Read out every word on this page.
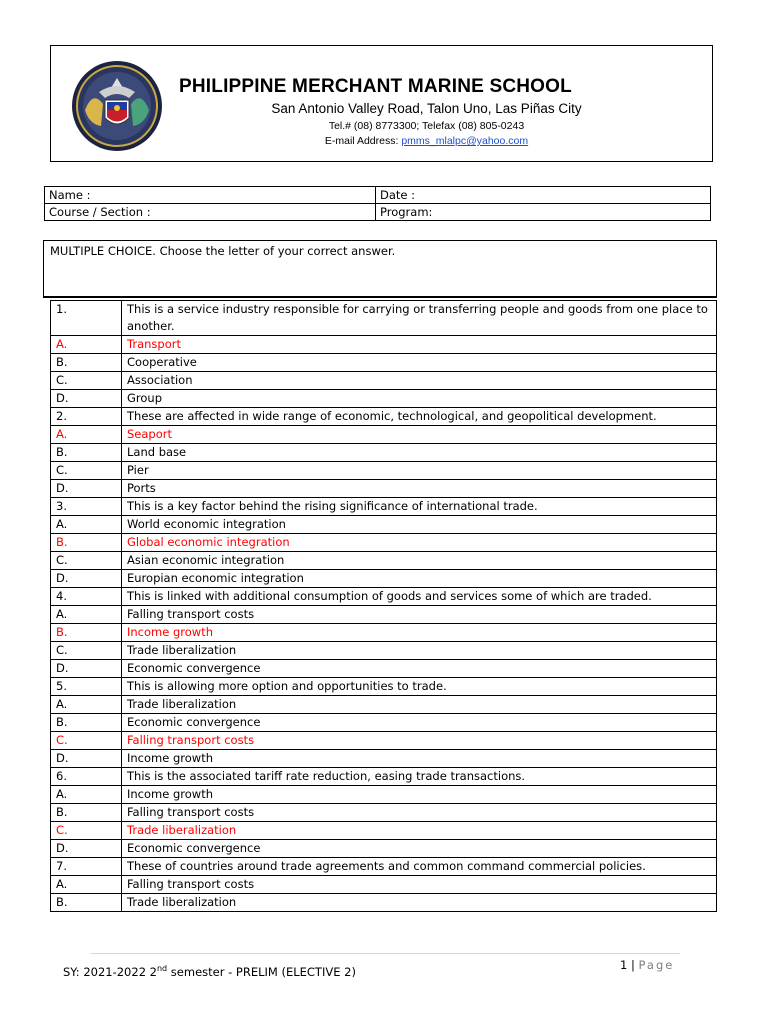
PHILIPPINE MERCHANT MARINE SCHOOL
San Antonio Valley Road, Talon Uno, Las Piñas City
Tel.# (08) 8773300; Telefax (08) 805-0243
E-mail Address: pmms_mlalpc@yahoo.com
Name :	Date :
Course / Section :	Program:
MULTIPLE CHOICE. Choose the letter of your correct answer.
1.	This is a service industry responsible for carrying or transferring people and goods from one place to another.
A.	Transport
B.	Cooperative
C.	Association
D.	Group
2.	These are affected in wide range of economic, technological, and geopolitical development.
A.	Seaport
B.	Land base
C.	Pier
D.	Ports
3.	This is a key factor behind the rising significance of international trade.
A.	World economic integration
B.	Global economic integration
C.	Asian economic integration
D.	Europian economic integration
4.	This is linked with additional consumption of goods and services some of which are traded.
A.	Falling transport costs
B.	Income growth
C.	Trade liberalization
D.	Economic convergence
5.	This is allowing more option and opportunities to trade.
A.	Trade liberalization
B.	Economic convergence
C.	Falling transport costs
D.	Income growth
6.	This is the associated tariff rate reduction, easing trade transactions.
A.	Income growth
B.	Falling transport costs
C.	Trade liberalization
D.	Economic convergence
7.	These of countries around trade agreements and common command commercial policies.
A.	Falling transport costs
B.	Trade liberalization
SY: 2021-2022 2nd semester - PRELIM (ELECTIVE 2)	1 | Page
